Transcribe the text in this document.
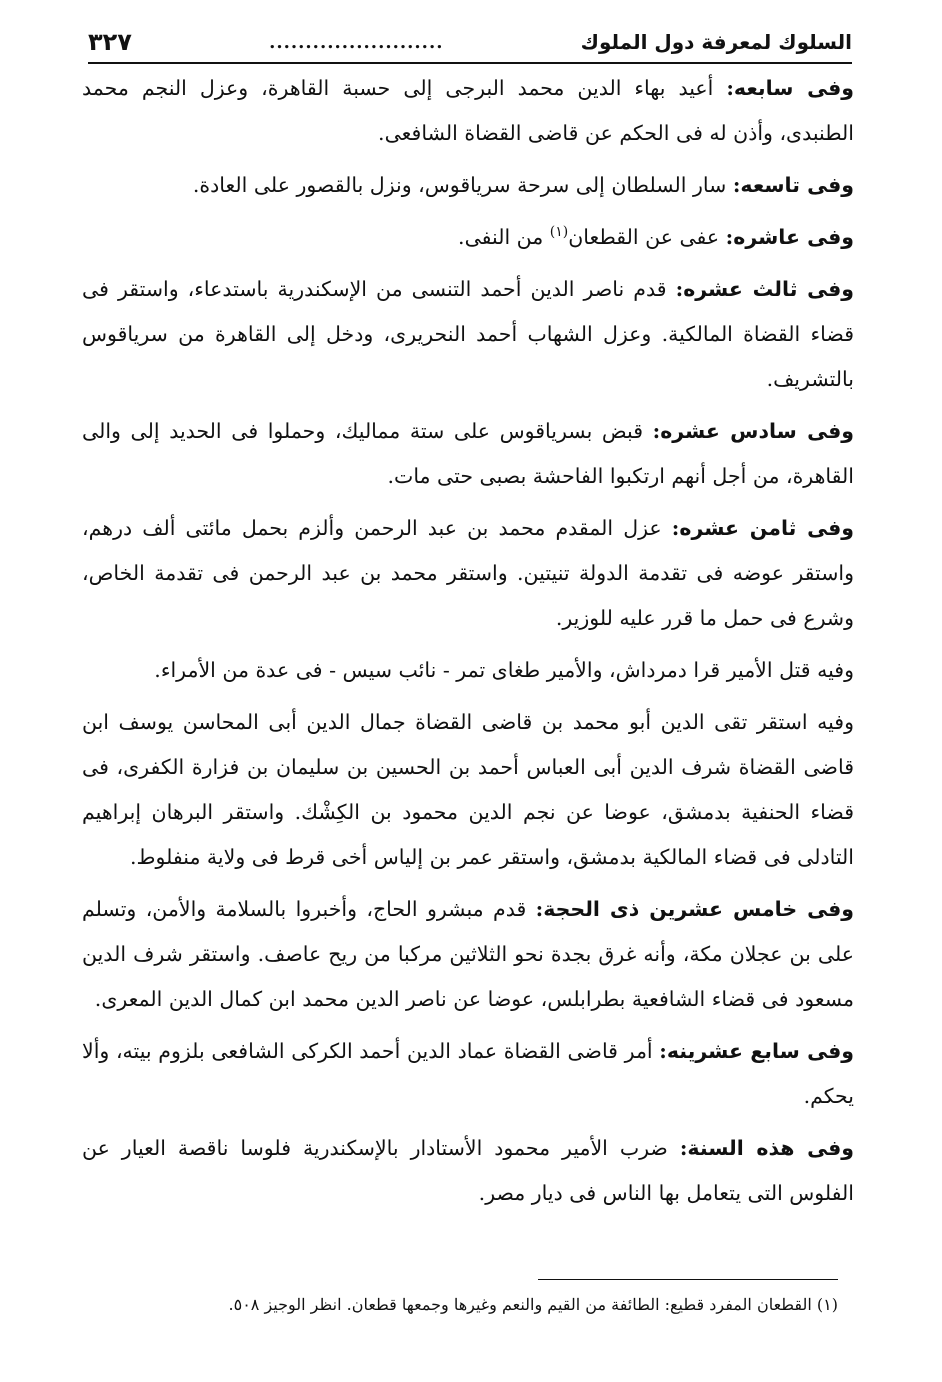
السلوك لمعرفة دول الملوك
........................
٣٢٧

وفى سابعه: أعيد بهاء الدين محمد البرجى إلى حسبة القاهرة، وعزل النجم محمد الطنبدى، وأذن له فى الحكم عن قاضى القضاة الشافعى.

وفى تاسعه: سار السلطان إلى سرحة سرياقوس، ونزل بالقصور على العادة.

وفى عاشره: عفى عن القطعان$^{(١)}$ من النفى.

وفى ثالث عشره: قدم ناصر الدين أحمد التنسى من الإسكندرية باستدعاء، واستقر فى قضاء القضاة المالكية. وعزل الشهاب أحمد النحريرى، ودخل إلى القاهرة من سرياقوس بالتشريف.

وفى سادس عشره: قبض بسرياقوس على ستة مماليك، وحملوا فى الحديد إلى والى القاهرة، من أجل أنهم ارتكبوا الفاحشة بصبى حتى مات.

وفى ثامن عشره: عزل المقدم محمد بن عبد الرحمن وألزم بحمل مائتى ألف درهم، واستقر عوضه فى تقدمة الدولة تنيتين. واستقر محمد بن عبد الرحمن فى تقدمة الخاص، وشرع فى حمل ما قرر عليه للوزير.

وفيه قتل الأمير قرا دمرداش، والأمير طغاى تمر - نائب سيس - فى عدة من الأمراء.

وفيه استقر تقى الدين أبو محمد بن قاضى القضاة جمال الدين أبى المحاسن يوسف ابن قاضى القضاة شرف الدين أبى العباس أحمد بن الحسين بن سليمان بن فزارة الكفرى، فى قضاء الحنفية بدمشق، عوضا عن نجم الدين محمود بن الكِشْك. واستقر البرهان إبراهيم التادلى فى قضاء المالكية بدمشق، واستقر عمر بن إلياس أخى قرط فى ولاية منفلوط.

وفى خامس عشرين ذى الحجة: قدم مبشرو الحاج، وأخبروا بالسلامة والأمن، وتسلم على بن عجلان مكة، وأنه غرق بجدة نحو الثلاثين مركبا من ريح عاصف. واستقر شرف الدين مسعود فى قضاء الشافعية بطرابلس، عوضا عن ناصر الدين محمد ابن كمال الدين المعرى.

وفى سابع عشرينه: أمر قاضى القضاة عماد الدين أحمد الكركى الشافعى بلزوم بيته، وألا يحكم.

وفى هذه السنة: ضرب الأمير محمود الأستادار بالإسكندرية فلوسا ناقصة العيار عن الفلوس التى يتعامل بها الناس فى ديار مصر.

(١) القطعان المفرد قطيع: الطائفة من القيم والنعم وغيرها وجمعها قطعان. انظر الوجيز ٥٠٨.
